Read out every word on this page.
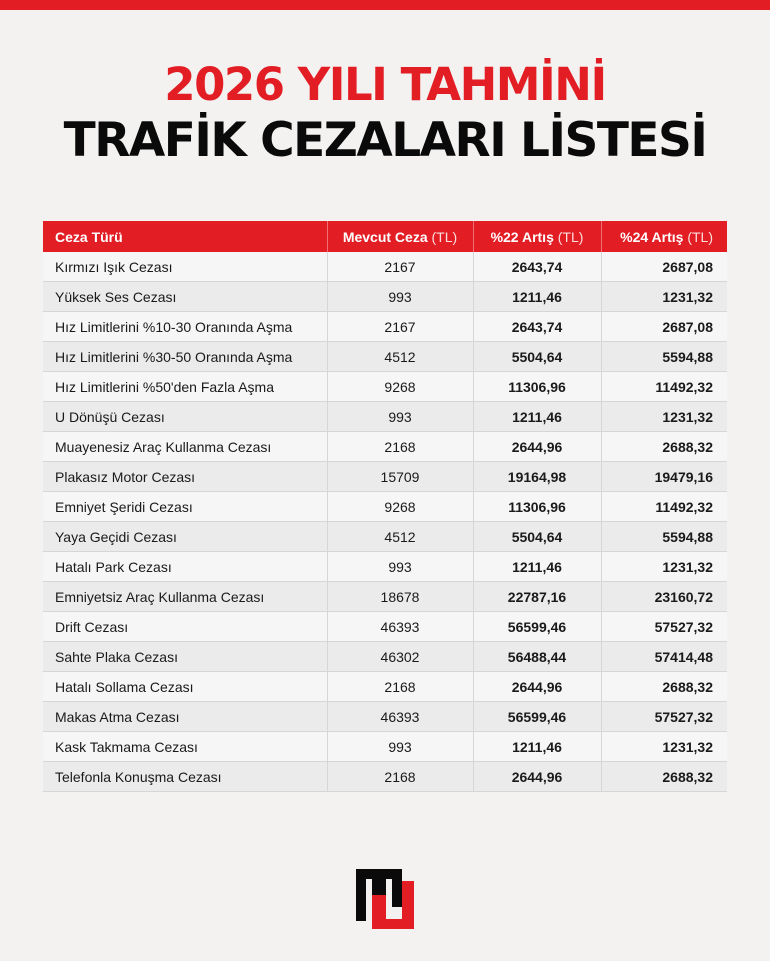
2026 YILI TAHMİNİ
TRAFİK CEZALARI LİSTESİ
Ceza Türü	Mevcut Ceza (TL)	%22 Artış (TL)	%24 Artış (TL)
Kırmızı Işık Cezası	2167	2643,74	2687,08
Yüksek Ses Cezası	993	1211,46	1231,32
Hız Limitlerini %10-30 Oranında Aşma	2167	2643,74	2687,08
Hız Limitlerini %30-50 Oranında Aşma	4512	5504,64	5594,88
Hız Limitlerini %50'den Fazla Aşma	9268	11306,96	11492,32
U Dönüşü Cezası	993	1211,46	1231,32
Muayenesiz Araç Kullanma Cezası	2168	2644,96	2688,32
Plakasız Motor Cezası	15709	19164,98	19479,16
Emniyet Şeridi Cezası	9268	11306,96	11492,32
Yaya Geçidi Cezası	4512	5504,64	5594,88
Hatalı Park Cezası	993	1211,46	1231,32
Emniyetsiz Araç Kullanma Cezası	18678	22787,16	23160,72
Drift Cezası	46393	56599,46	57527,32
Sahte Plaka Cezası	46302	56488,44	57414,48
Hatalı Sollama Cezası	2168	2644,96	2688,32
Makas Atma Cezası	46393	56599,46	57527,32
Kask Takmama Cezası	993	1211,46	1231,32
Telefonla Konuşma Cezası	2168	2644,96	2688,32
